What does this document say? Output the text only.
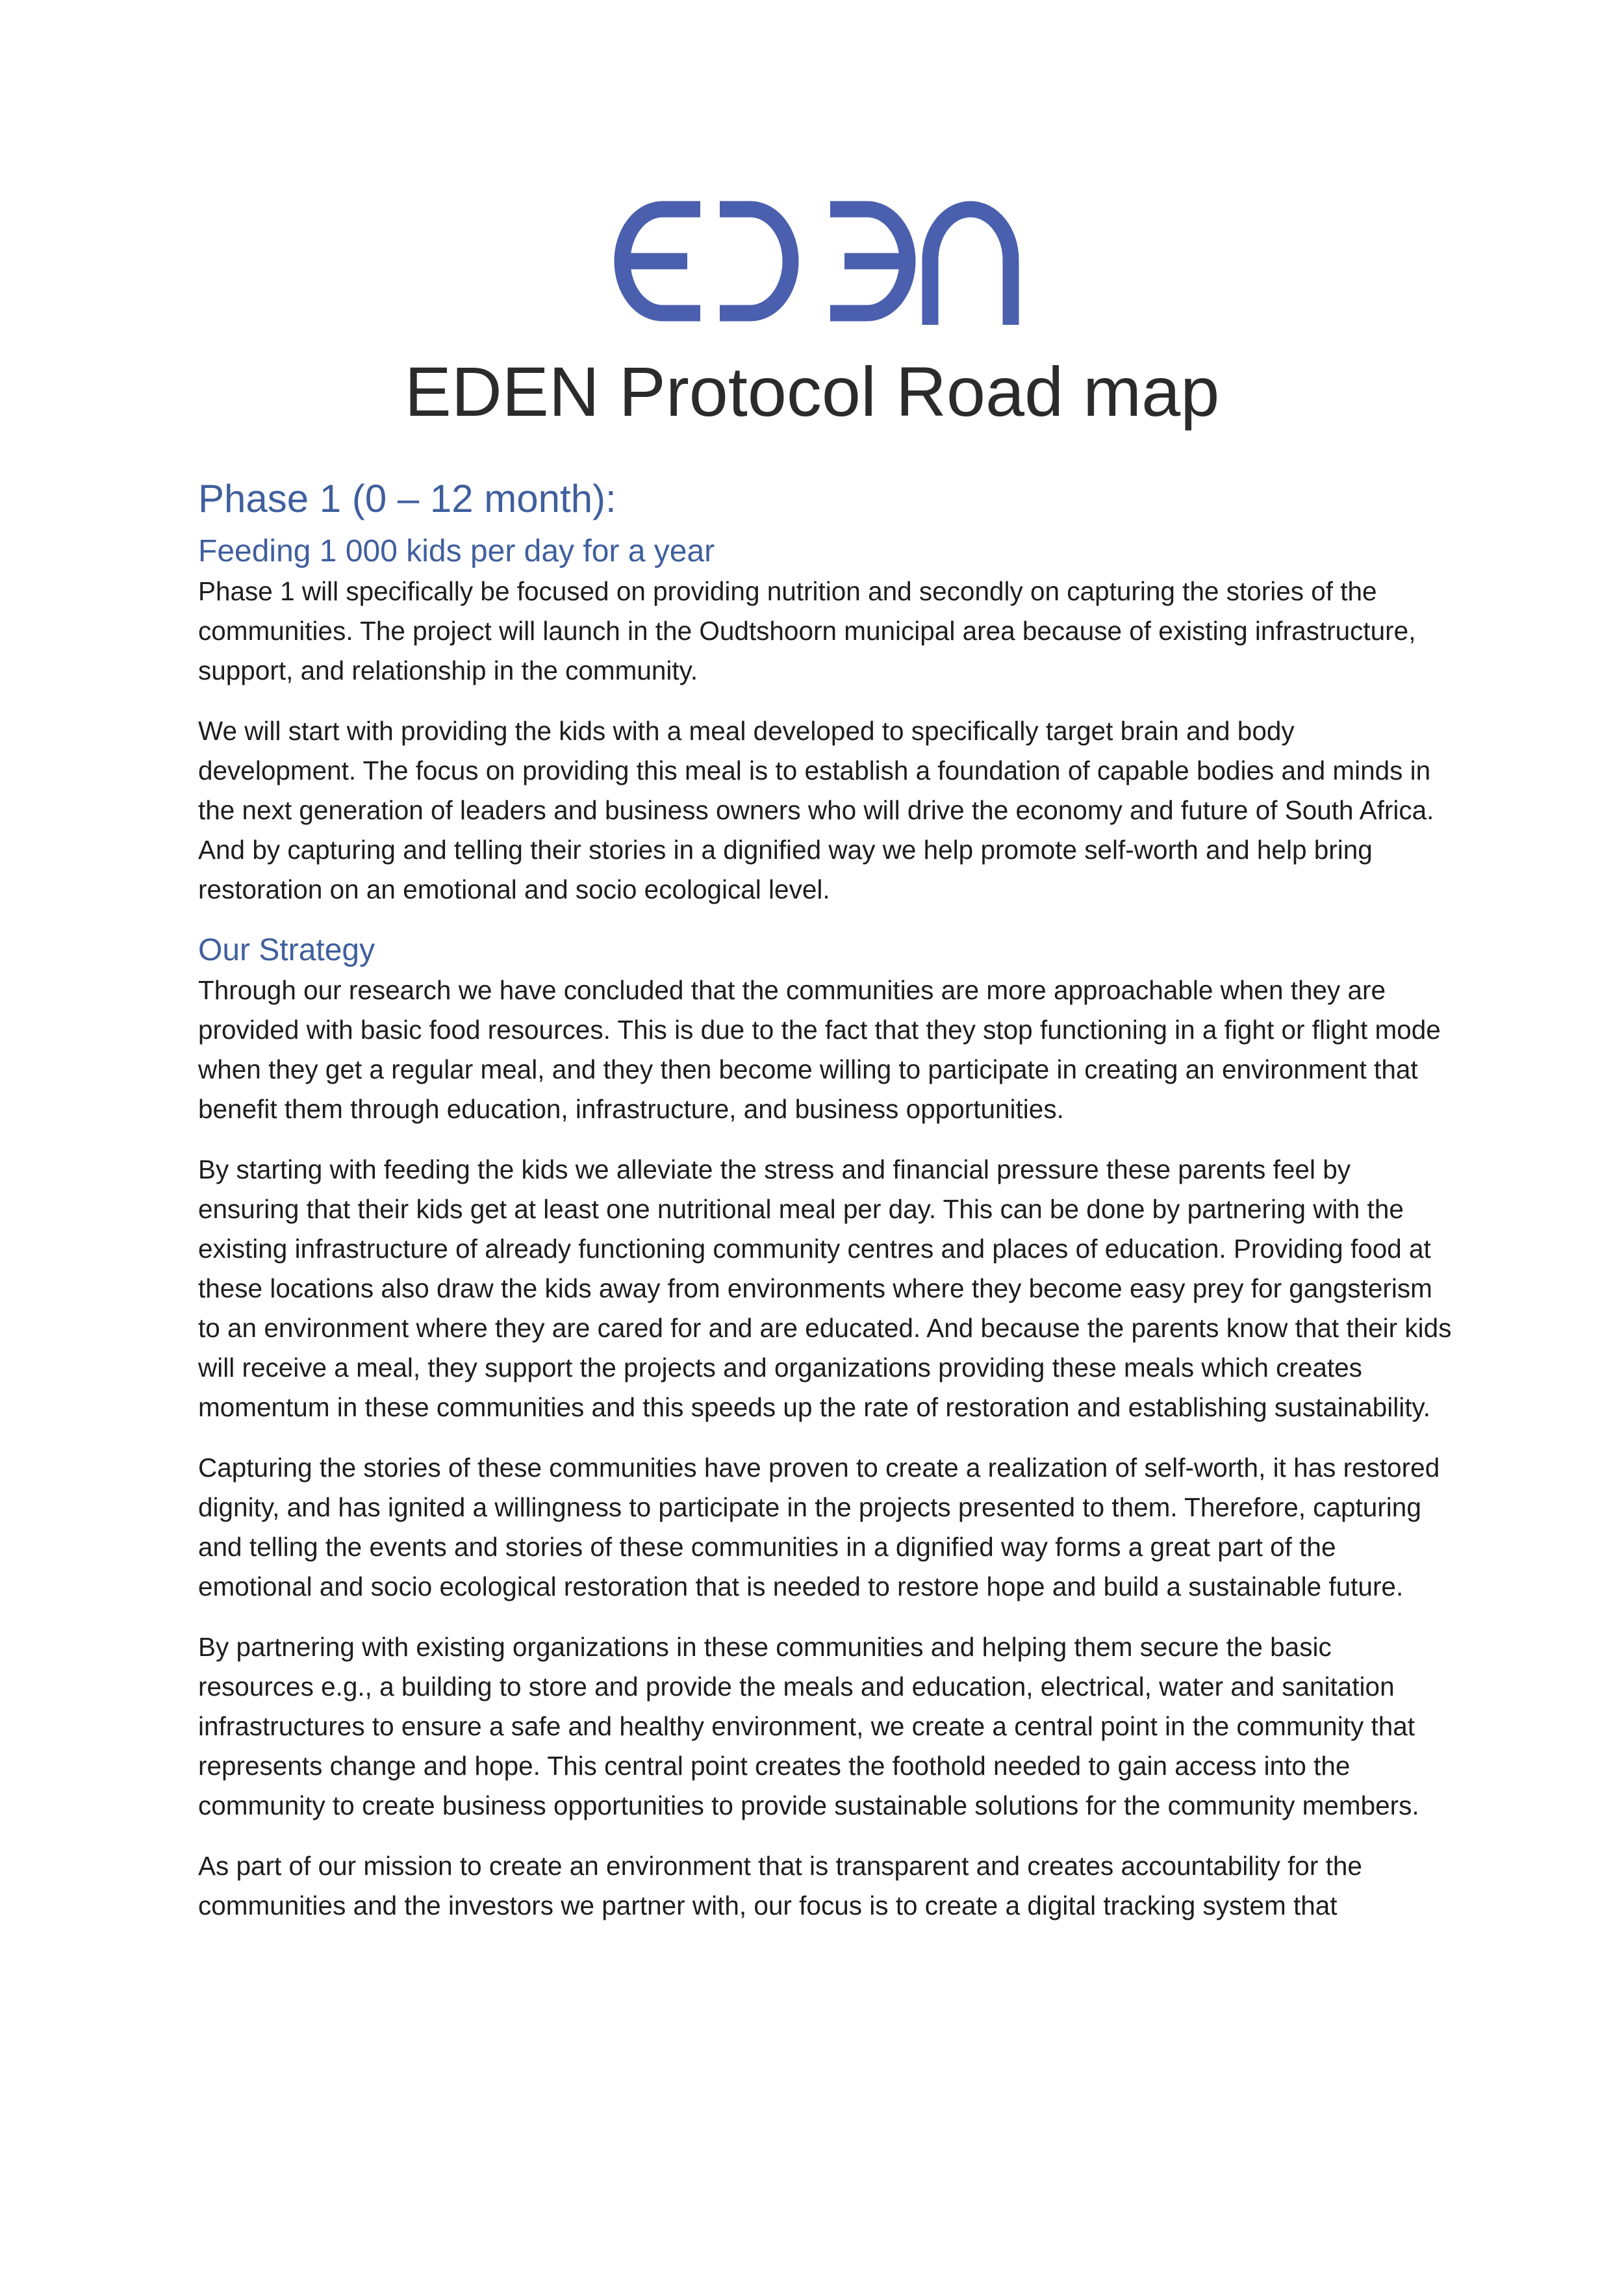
EDEN Protocol Road map
Phase 1 (0 – 12 month):
Feeding 1 000 kids per day for a year

Phase 1 will specifically be focused on providing nutrition and secondly on capturing the stories of the communities. The project will launch in the Oudtshoorn municipal area because of existing infrastructure, support, and relationship in the community.

We will start with providing the kids with a meal developed to specifically target brain and body development. The focus on providing this meal is to establish a foundation of capable bodies and minds in the next generation of leaders and business owners who will drive the economy and future of South Africa. And by capturing and telling their stories in a dignified way we help promote self-worth and help bring restoration on an emotional and socio ecological level.

Our Strategy

Through our research we have concluded that the communities are more approachable when they are provided with basic food resources. This is due to the fact that they stop functioning in a fight or flight mode when they get a regular meal, and they then become willing to participate in creating an environment that benefit them through education, infrastructure, and business opportunities.

By starting with feeding the kids we alleviate the stress and financial pressure these parents feel by ensuring that their kids get at least one nutritional meal per day. This can be done by partnering with the existing infrastructure of already functioning community centres and places of education. Providing food at these locations also draw the kids away from environments where they become easy prey for gangsterism to an environment where they are cared for and are educated. And because the parents know that their kids will receive a meal, they support the projects and organizations providing these meals which creates momentum in these communities and this speeds up the rate of restoration and establishing sustainability.

Capturing the stories of these communities have proven to create a realization of self-worth, it has restored dignity, and has ignited a willingness to participate in the projects presented to them. Therefore, capturing and telling the events and stories of these communities in a dignified way forms a great part of the emotional and socio ecological restoration that is needed to restore hope and build a sustainable future.

By partnering with existing organizations in these communities and helping them secure the basic resources e.g., a building to store and provide the meals and education, electrical, water and sanitation infrastructures to ensure a safe and healthy environment, we create a central point in the community that represents change and hope. This central point creates the foothold needed to gain access into the community to create business opportunities to provide sustainable solutions for the community members.

As part of our mission to create an environment that is transparent and creates accountability for the communities and the investors we partner with, our focus is to create a digital tracking system that
